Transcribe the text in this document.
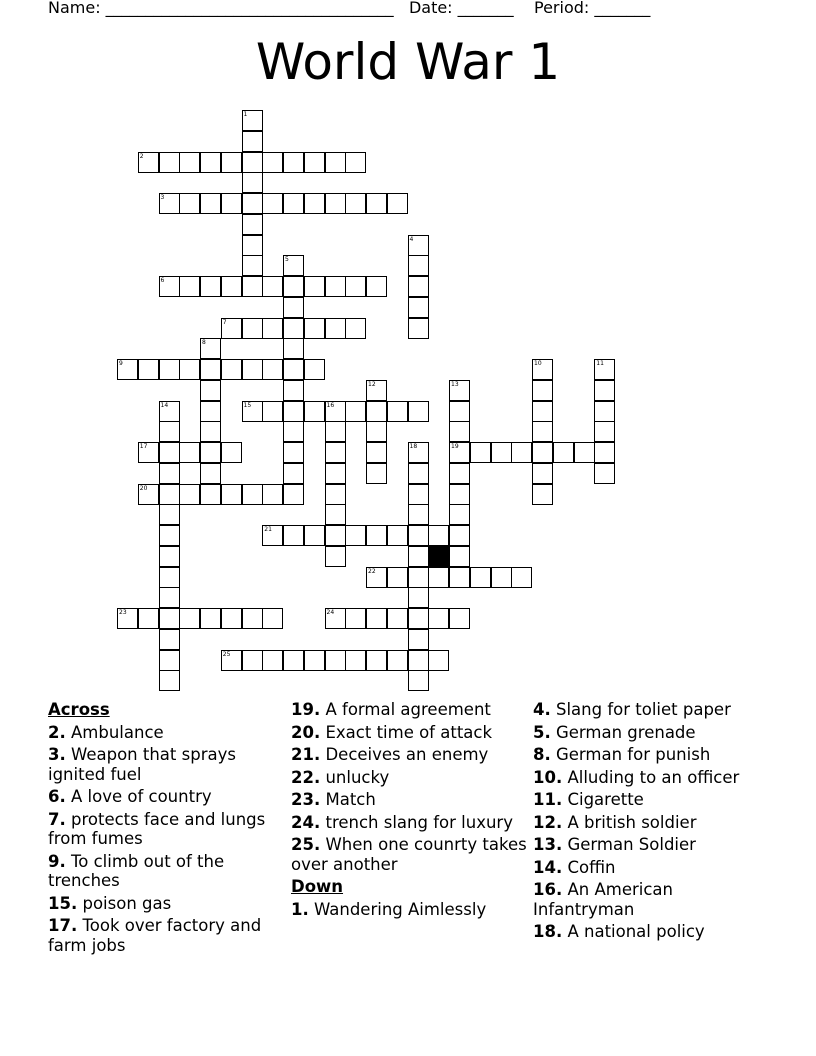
Name: ____________________________________   Date: _______    Period: _______
World War 1
1
2
3
4
5
6
7
8
9	10	11
12	13
14	15	16
17	18	19
20
21
22
23	24
25
Across
2. Ambulance
3. Weapon that sprays ignited fuel
6. A love of country
7. protects face and lungs from fumes
9. To climb out of the trenches
15. poison gas
17. Took over factory and farm jobs
19. A formal agreement
20. Exact time of attack
21. Deceives an enemy
22. unlucky
23. Match
24. trench slang for luxury
25. When one counrty takes over another
Down
1. Wandering Aimlessly
4. Slang for toliet paper
5. German grenade
8. German for punish
10. Alluding to an officer
11. Cigarette
12. A british soldier
13. German Soldier
14. Coffin
16. An American Infantryman
18. A national policy
